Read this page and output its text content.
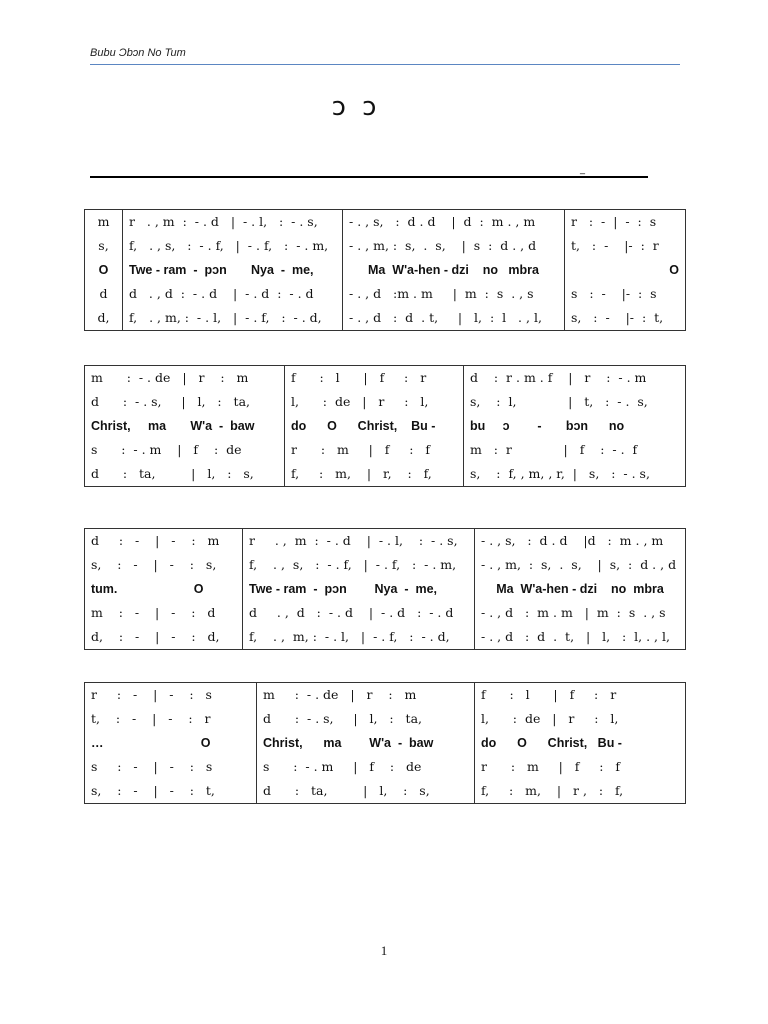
Bubu Ɔbɔn No Tum
ɔ ɔ
_
m	r   . , m  :  - . d   |  - . l,   :  - . s,	- . , s,   :  d . d    |  d  :  m . , m	r   :  -  |  -  :  s
s,	f,   . , s,   :  - . f,   |  - . f,   :  - . m,	- . , m, :  s,  .  s,    |  s  :  d . , d	t,   :  -    |-  :  r
O	Twe - ram  -  pɔn       Nya  -  me,	Ma  W'a-hen - dzi    no   mbra	O
d	d   . , d  :  - . d    |  - . d  :  - . d	- . , d   :m . m     |  m  :  s  . , s	s   :  -    |-  :  s
d,	f,   . , m, :  - . l,   |  - . f,   :  - . d,	- . , d   :  d  . t,     |   l,  :  l   . , l,	s,   :  -    |-  :  t,
m      :  - . de   |   r    :   m	f      :   l      |   f     :   r	d    :  r . m . f    |   r    :  - . m
d      :  - . s,     |   l,   :   ta,	l,      :  de   |   r     :   l,	s,    :  l,             |   t,   :  - .  s,
Christ,     ma       W'a  -  baw	do      O      Christ,    Bu -	bu     ɔ        -       bɔn      no
s      :  - . m    |   f    :  de	r      :   m     |   f     :   f	m   :  r             |   f    :  - .  f
d      :   ta,         |   l,   :   s,	f,     :   m,    |   r,    :   f,	s,    :  f, , m, , r,  |   s,   :  - . s,
d     :   -    |   -    :   m	r     . ,  m  :  - . d    |  - . l,    :  - . s,	- . , s,   :  d . d    |d   :  m . , m
s,    :   -    |   -    :   s,	f,    . ,  s,   :  - . f,   |  - . f,   :  - . m,	- . , m,  :  s,  .  s,    |  s,  :  d . , d
tum.                      O	Twe - ram  -  pɔn        Nya  -  me,	Ma  W'a-hen - dzi    no  mbra
m    :   -    |   -    :   d	d     . ,  d   :  - . d    |  - . d   :  - . d	- . , d   :  m . m   |  m  :  s  . , s
d,    :   -    |   -    :   d,	f,    . ,  m, :  - . l,   |  - . f,   :  - . d,	- . , d   :  d  .  t,   |   l,   :  l, . , l,
r     :   -    |   -    :   s	m     :  - . de   |   r    :   m	f      :   l      |   f     :   r
t,    :   -    |   -    :   r	d      :  - . s,     |   l,   :   ta,	l,      :  de   |   r     :   l,
…                            O	Christ,      ma        W'a  -  baw	do      O      Christ,   Bu -
s     :   -    |   -    :   s	s      :  - . m     |   f    :   de	r      :   m     |   f     :   f
s,    :   -    |   -    :   t,	d      :   ta,         |   l,    :   s,	f,     :   m,    |   r ,   :   f,
1
